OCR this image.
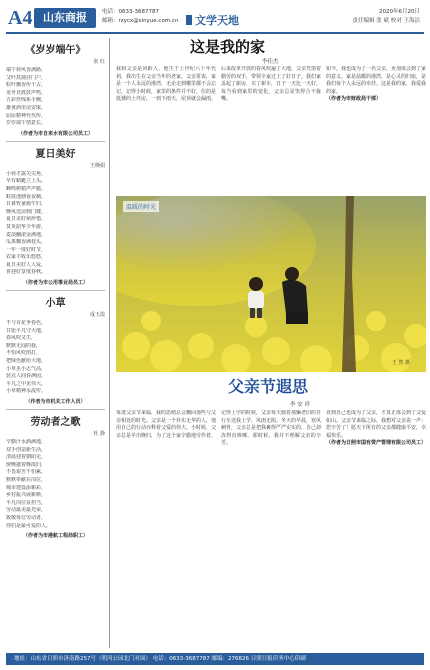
A4 山东商报	电话：0633-3687787
邮箱：rzycx@sinyue.com.cn	文学天地
2020年6月20日
责任编辑 张 斌 校对 王海洁
《岁岁端午》
张 红
端午荷风香满路，
艾叶菖蒲挂门户，
粽叶飘香传千古，
龙舟竞渡鼓声鸣，
五彩丝线系手腕，
雄黄酒里话安康，
屈原精神代代传，
岁岁端午情意长。
（作者为市自来水有限公司员工）
夏日美好
王焕娟
小荷才露尖尖角，
早有蜻蜓立上头，
蝉鸣树梢声声脆，
蛙鼓池塘夜夜稠，
日暮牧童骑牛归，
晚风送凉到门楼，
夏日美好须珍惜，
莫负韶华少年游，
麦浪翻滚金满地，
瓜果飘香满枝头，
一年一度好时节，
农家丰收乐悠悠，
夏日美好人人爱，
喜迎好景度春秋。
（作者为市公用事业局员工）
小草
成玉霞
不与百花争春色，
甘愿平凡守大地，
春风吹又生，
默默无闻的我，
不怕风吹雨打，
把绿色献给大地，
小草虽小志气高，
装点人间春满园，
平凡之中见伟大，
小草精神永流传。
（作者为市机关工作人员）
劳动者之歌
杜 静
辛勤汗水洒满地，
双手创造新生活，
清晨迎着朝阳走，
傍晚披着晚霞归，
不畏艰苦不怕累，
默默奉献在岗位，
城市建设添新彩，
乡村振兴展新颜，
平凡岗位显担当，
劳动最美最光荣，
致敬每位劳动者，
你们是最可爱的人。
（作者为市港航工程局职工）
这是我的家
李佳杰
我和父亲是同龄人，他生于上世纪六十年代初，我出生在父亲当年的老家。父亲常说，家是一个人永远的港湾，无论走到哪里都不会忘记。记得小时候，家里的条件并不好，住的是低矮的土坯房，一到下雨天，屋顶就会漏雨。
后来改革开放的春风吹遍了大地，父亲凭借着勤劳的双手，带领全家过上了好日子。我们家盖起了新房，买了新车，日子一天比一天好。每当看到家里的变化，父亲总是笑得合不拢嘴。
如今，我也成为了一名父亲，更加体会到了家的意义。家是温暖的港湾，是心灵的归宿，是我们每个人永远的牵挂。这是我的家，我爱我的家。
（作者为市财政局干部）
温暖的时光
王 然 摄
父亲节遐思
李 安 祥
每逢父亲节来临，我的思绪总会飘回那些与父亲相处的时光。父亲是一个朴实无华的人，他用自己的行动诠释着父爱的伟大。小时候，父亲总是早出晚归，为了这个家辛勤地劳作着。
记得上学的时候，父亲每天骑着那辆老旧的自行车送我上学，风雨无阻。冬天的早晨，寒风刺骨，父亲总是把我裹得严严实实的，自己却冻得直哆嗦。那时候，我并不理解父亲的辛苦。
直到自己也成为了父亲，才真正体会到了父爱如山。父亲节来临之际，我想对父亲说一声：您辛苦了！愿天下所有的父亲都健康平安，幸福快乐。
（作者为日照市国有资产管理有限公司员工）
地址：山东省日照市济南路257号（明河公园北门对面） 电话：0633-3687787 邮编：276826 日照日报印务中心印刷
